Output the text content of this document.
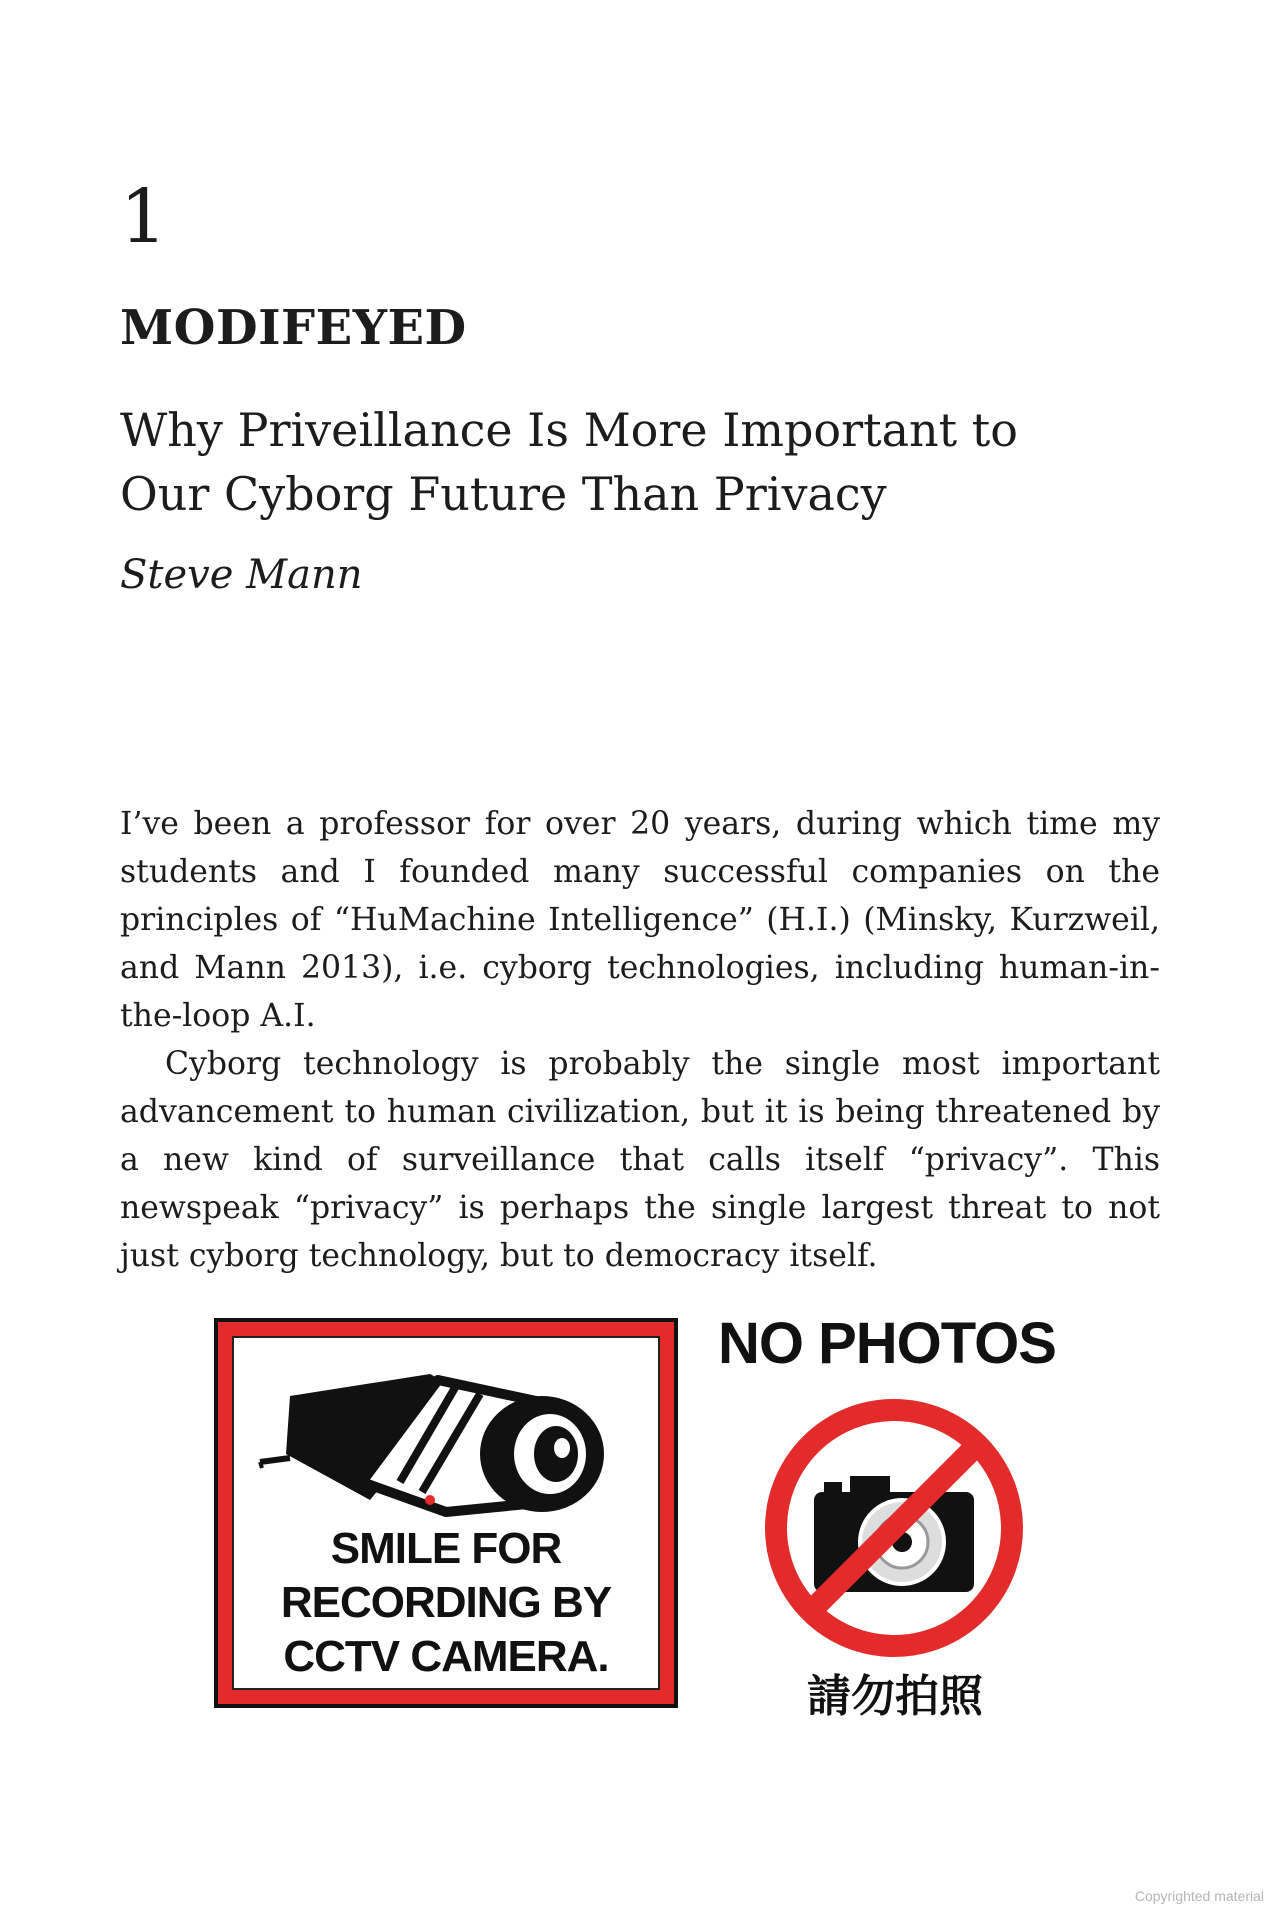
1
MODIFEYED
Why Priveillance Is More Important to Our Cyborg Future Than Privacy
Steve Mann

I’ve been a professor for over 20 years, during which time my students and I founded many successful companies on the principles of “HuMachine Intelligence” (H.I.) (Minsky, Kurzweil, and Mann 2013), i.e. cyborg technologies, including human-in-the-loop A.I.

Cyborg technology is probably the single most important advancement to human civilization, but it is being threatened by a new kind of surveillance that calls itself “privacy”. This newspeak “privacy” is perhaps the single largest threat to not just cyborg technology, but to democracy itself.

SMILE FOR
RECORDING BY
CCTV CAMERA.
NO PHOTOS
請勿拍照
Copyrighted material
